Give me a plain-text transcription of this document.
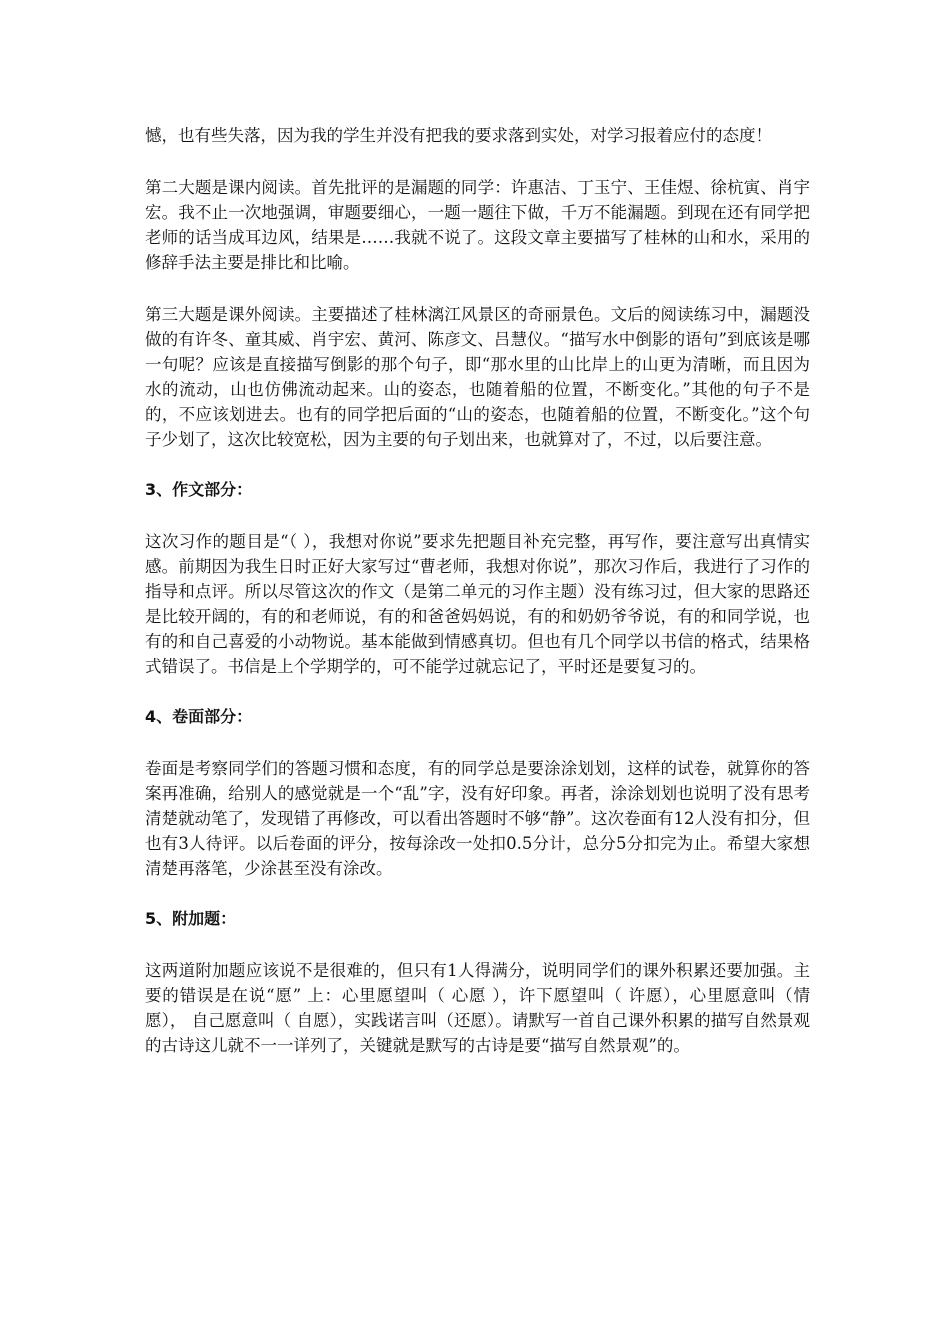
憾，也有些失落，因为我的学生并没有把我的要求落到实处，对学习报着应付的态度！

第二大题是课内阅读。首先批评的是漏题的同学：许惠洁、丁玉宁、王佳煜、徐杭寅、肖宇宏。我不止一次地强调，审题要细心，一题一题往下做，千万不能漏题。到现在还有同学把老师的话当成耳边风，结果是……我就不说了。这段文章主要描写了桂林的山和水，采用的修辞手法主要是排比和比喻。

第三大题是课外阅读。主要描述了桂林漓江风景区的奇丽景色。文后的阅读练习中，漏题没做的有许冬、童其威、肖宇宏、黄河、陈彦文、吕慧仪。“描写水中倒影的语句”到底该是哪一句呢？应该是直接描写倒影的那个句子，即“那水里的山比岸上的山更为清晰，而且因为水的流动，山也仿佛流动起来。山的姿态，也随着船的位置，不断变化。”其他的句子不是的，不应该划进去。也有的同学把后面的“山的姿态，也随着船的位置，不断变化。”这个句子少划了，这次比较宽松，因为主要的句子划出来，也就算对了，不过，以后要注意。

3、作文部分：

这次习作的题目是“（ ），我想对你说”要求先把题目补充完整，再写作，要注意写出真情实感。前期因为我生日时正好大家写过“曹老师，我想对你说”，那次习作后，我进行了习作的指导和点评。所以尽管这次的作文（是第二单元的习作主题）没有练习过，但大家的思路还是比较开阔的，有的和老师说，有的和爸爸妈妈说，有的和奶奶爷爷说，有的和同学说，也有的和自己喜爱的小动物说。基本能做到情感真切。但也有几个同学以书信的格式，结果格式错误了。书信是上个学期学的，可不能学过就忘记了，平时还是要复习的。

4、卷面部分：

卷面是考察同学们的答题习惯和态度，有的同学总是要涂涂划划，这样的试卷，就算你的答案再准确，给别人的感觉就是一个“乱”字，没有好印象。再者，涂涂划划也说明了没有思考清楚就动笔了，发现错了再修改，可以看出答题时不够“静”。这次卷面有12人没有扣分，但也有3人待评。以后卷面的评分，按每涂改一处扣0.5分计，总分5分扣完为止。希望大家想清楚再落笔，少涂甚至没有涂改。

5、附加题：

这两道附加题应该说不是很难的，但只有1人得满分，说明同学们的课外积累还要加强。主要的错误是在说“愿” 上：心里愿望叫（ 心愿 ），许下愿望叫（ 许愿），心里愿意叫（情愿）， 自己愿意叫（ 自愿），实践诺言叫（还愿）。请默写一首自己课外积累的描写自然景观的古诗这儿就不一一详列了，关键就是默写的古诗是要“描写自然景观”的。
